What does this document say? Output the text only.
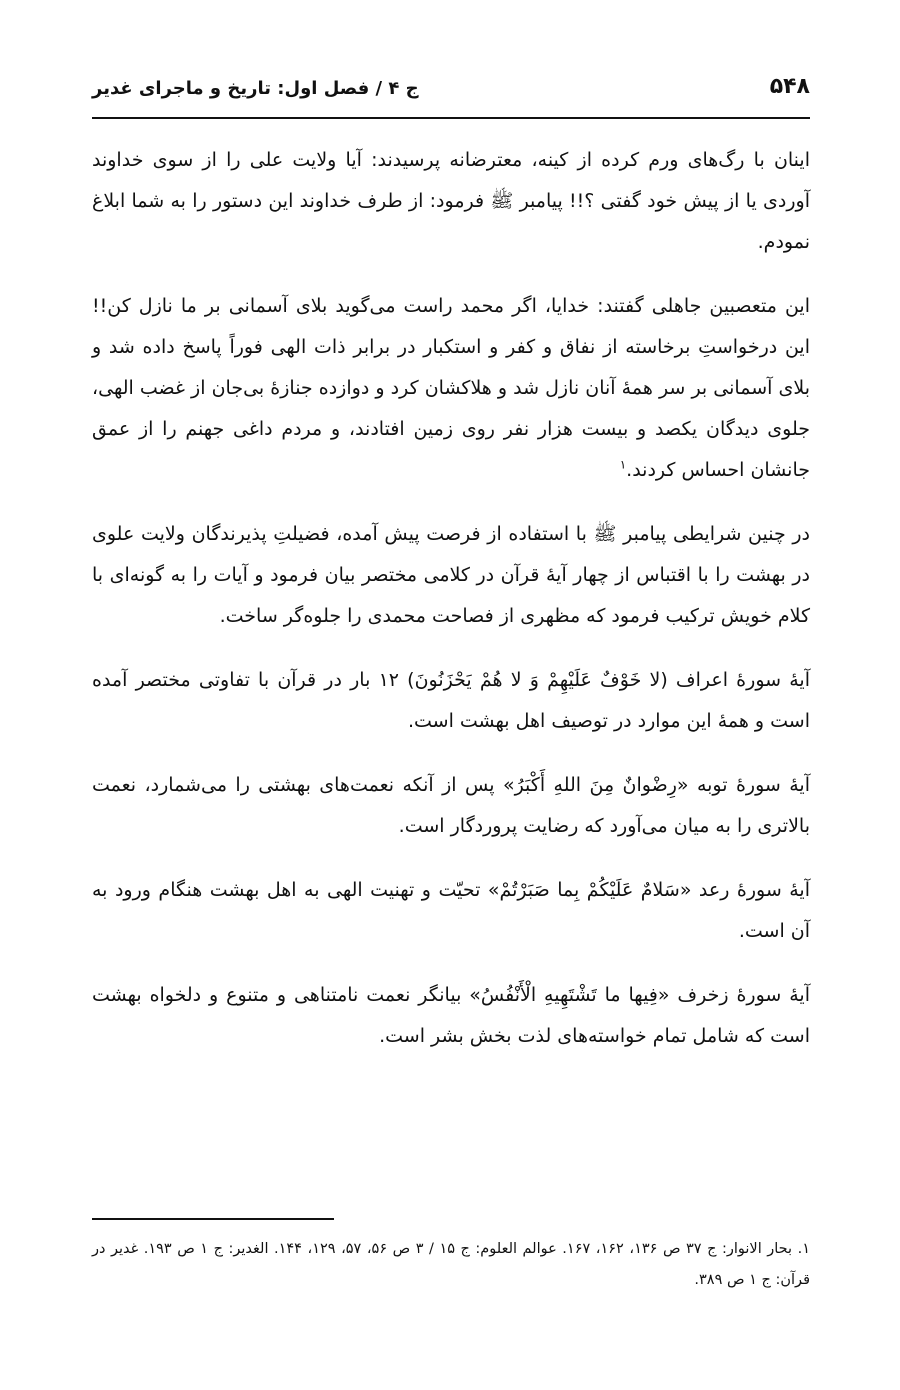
۵۴۸
ج ۴ / فصل اول: تاریخ و ماجرای غدیر

اینان با رگ‌های ورم کرده از کینه، معترضانه پرسیدند: آیا ولایت علی را از سوی خداوند آوردی یا از پیش خود گفتی ؟!! پیامبر ﷺ فرمود: از طرف خداوند این دستور را به شما ابلاغ نمودم.

این متعصبین جاهلی گفتند: خدایا، اگر محمد راست می‌گوید بلای آسمانی بر ما نازل کن!! این درخواستِ برخاسته از نفاق و کفر و استکبار در برابر ذات الهی فوراً پاسخ داده شد و بلای آسمانی بر سر همهٔ آنان نازل شد و هلاکشان کرد و دوازده جنازهٔ بی‌جان از غضب الهی، جلوی دیدگان یکصد و بیست هزار نفر روی زمین افتادند، و مردم داغی جهنم را از عمق جانشان احساس کردند.$^۱$

در چنین شرایطی پیامبر ﷺ با استفاده از فرصت پیش آمده، فضیلتِ پذیرندگان ولایت علوی در بهشت را با اقتباس از چهار آیهٔ قرآن در کلامی مختصر بیان فرمود و آیات را به گونه‌ای با کلام خویش ترکیب فرمود که مظهری از فصاحت محمدی را جلوه‌گر ساخت.

آیهٔ سورهٔ اعراف (لا خَوْفٌ عَلَيْهِمْ وَ لا هُمْ يَحْزَنُونَ) ۱۲ بار در قرآن با تفاوتی مختصر آمده است و همهٔ این موارد در توصیف اهل بهشت است.

آیهٔ سورهٔ توبه «رِضْوانٌ مِنَ اللهِ أَكْبَرُ» پس از آنکه نعمت‌های بهشتی را می‌شمارد، نعمت بالاتری را به میان می‌آورد که رضایت پروردگار است.

آیهٔ سورهٔ رعد «سَلامٌ عَلَيْكُمْ بِما صَبَرْتُمْ» تحیّت و تهنیت الهی به اهل بهشت هنگام ورود به آن است.

آیهٔ سورهٔ زخرف «فِيها ما تَشْتَهِيهِ الْأَنْفُسُ» بیانگر نعمت نامتناهی و متنوع و دلخواه بهشت است که شامل تمام خواسته‌های لذت بخش بشر است.

۱. بحار الانوار: ج ۳۷ ص ۱۳۶، ۱۶۲، ۱۶۷. عوالم العلوم: ج ۱۵ / ۳ ص ۵۶، ۵۷، ۱۲۹، ۱۴۴. الغدیر: ج ۱ ص ۱۹۳. غدیر در قرآن: ج ۱ ص ۳۸۹.
